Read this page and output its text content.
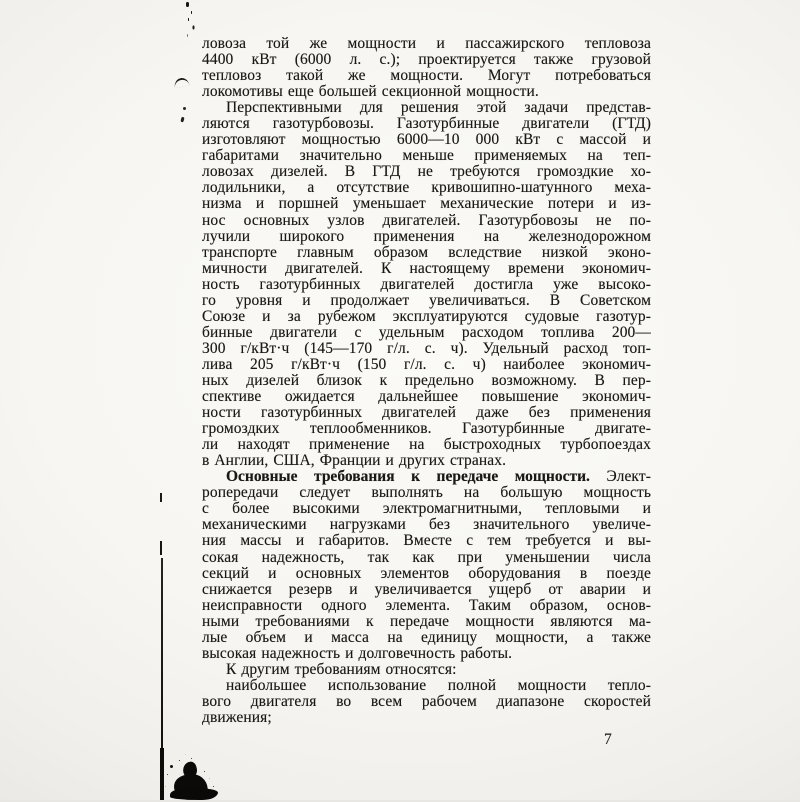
ловоза той же мощности и пассажирского тепловоза
4400 кВт (6000 л. с.); проектируется также грузовой
тепловоз такой же мощности. Могут потребоваться
локомотивы еще большей секционной мощности.
Перспективными для решения этой задачи представ-
ляются газотурбовозы. Газотурбинные двигатели (ГТД)
изготовляют мощностью 6000—10 000 кВт с массой и
габаритами значительно меньше применяемых на теп-
ловозах дизелей. В ГТД не требуются громоздкие хо-
лодильники, а отсутствие кривошипно-шатунного меха-
низма и поршней уменьшает механические потери и из-
нос основных узлов двигателей. Газотурбовозы не по-
лучили широкого применения на железнодорожном
транспорте главным образом вследствие низкой эконо-
мичности двигателей. К настоящему времени экономич-
ность газотурбинных двигателей достигла уже высоко-
го уровня и продолжает увеличиваться. В Советском
Союзе и за рубежом эксплуатируются судовые газотур-
бинные двигатели с удельным расходом топлива 200—
300 г/кВт·ч (145—170 г/л. с. ч). Удельный расход топ-
лива 205 г/кВт·ч (150 г/л. с. ч) наиболее экономич-
ных дизелей близок к предельно возможному. В пер-
спективе ожидается дальнейшее повышение экономич-
ности газотурбинных двигателей даже без применения
громоздких теплообменников. Газотурбинные двигате-
ли находят применение на быстроходных турбопоездах
в Англии, США, Франции и других странах.
Основные требования к передаче мощности. Элект-
ропередачи следует выполнять на большую мощность
с более высокими электромагнитными, тепловыми и
механическими нагрузками без значительного увеличе-
ния массы и габаритов. Вместе с тем требуется и вы-
сокая надежность, так как при уменьшении числа
секций и основных элементов оборудования в поезде
снижается резерв и увеличивается ущерб от аварии и
неисправности одного элемента. Таким образом, основ-
ными требованиями к передаче мощности являются ма-
лые объем и масса на единицу мощности, а также
высокая надежность и долговечность работы.
К другим требованиям относятся:
наибольшее использование полной мощности тепло-
вого двигателя во всем рабочем диапазоне скоростей
движения;
7
